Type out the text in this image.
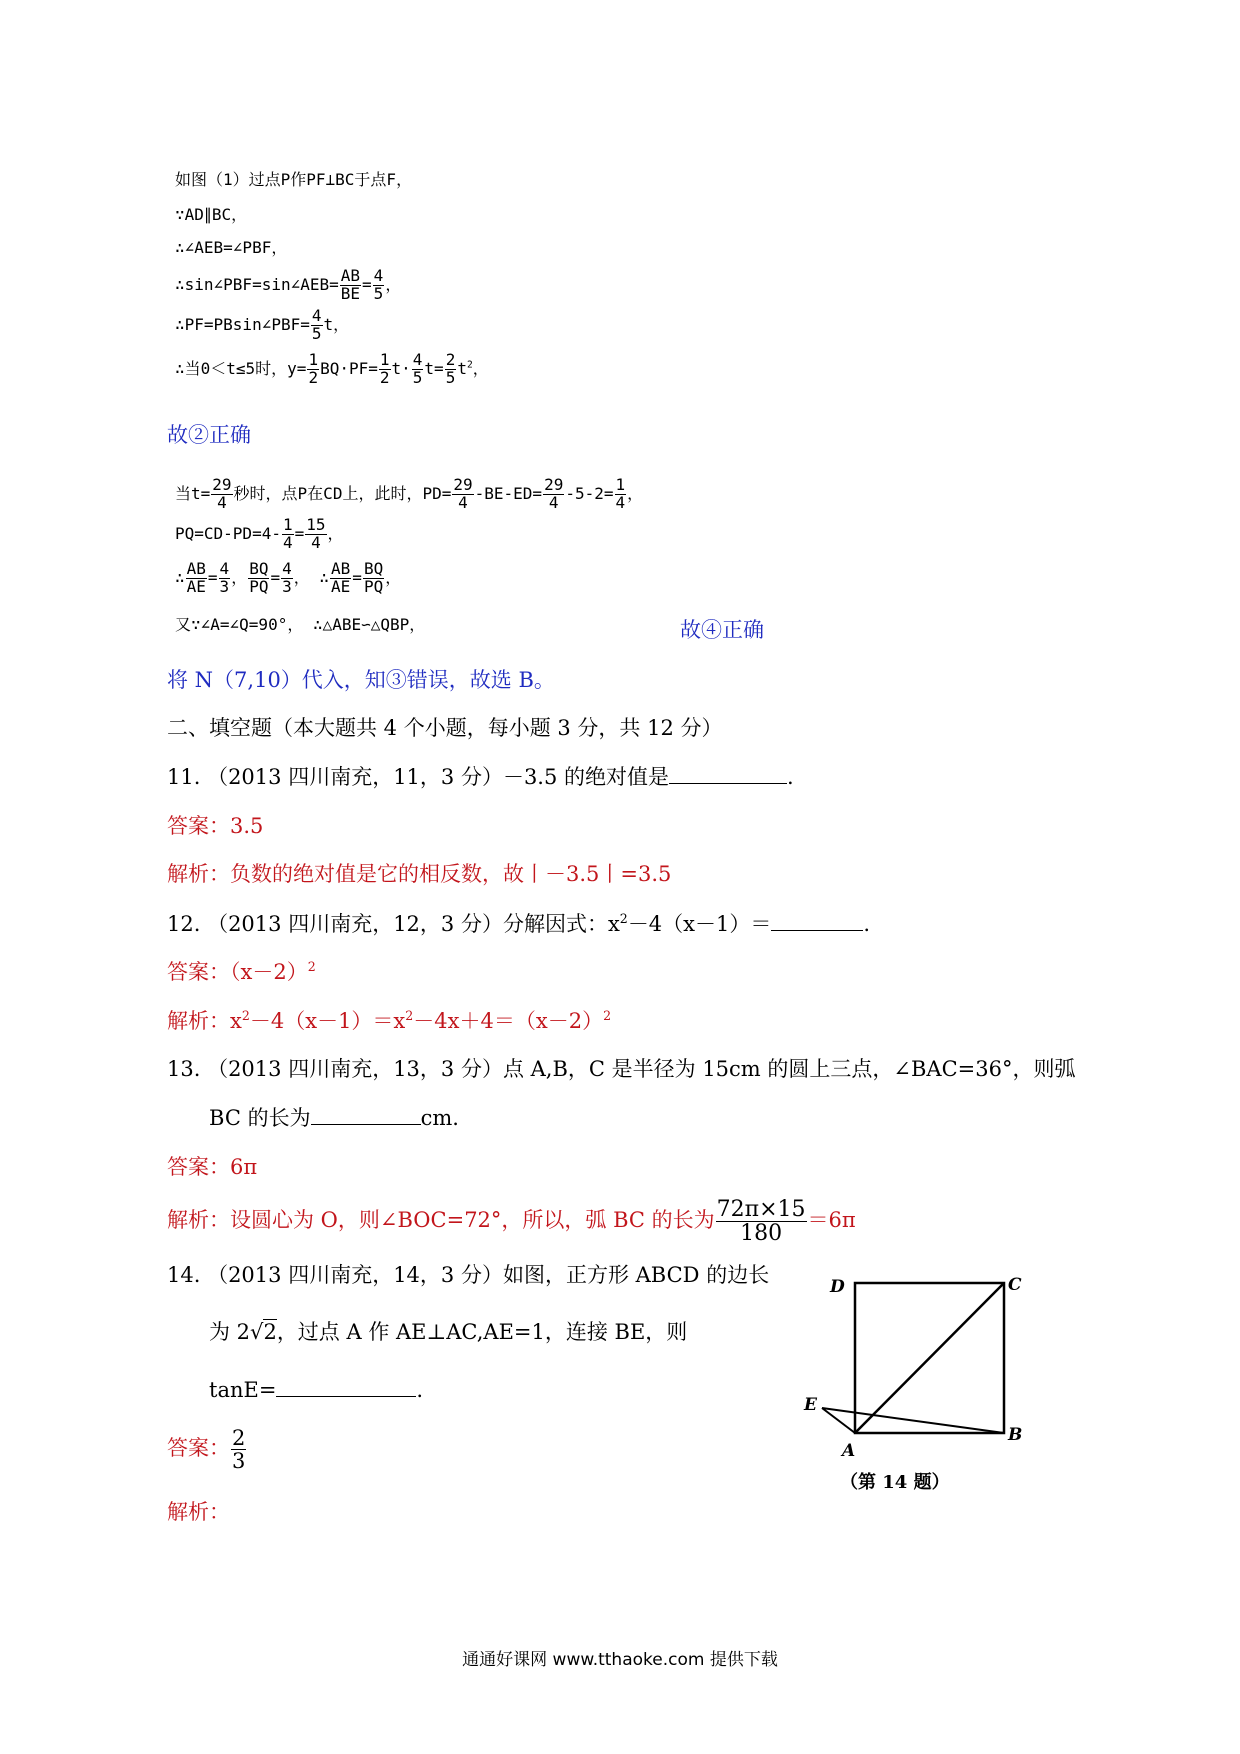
如图（1）过点P作PF⊥BC于点F，
∵AD∥BC，
∴∠AEB=∠PBF，
∴sin∠PBF=sin∠AEB= $\frac{AB}{BE} = \frac{4}{5}$ ，
∴PF=PBsin∠PBF= $\frac{4}{5}$ t，
∴当0＜t≤5时，$y= \frac{1}{2} BQ\cdot PF= \frac{1}{2} t\cdot \frac{4}{5} t= \frac{2}{5} t^2$，
故②正确
当$t= \frac{29}{4}$ 秒时，点P在CD上，此时，$PD= \frac{29}{4} -BE-ED= \frac{29}{4} -5-2= \frac{1}{4}$ ，
$PQ=CD-PD=4- \frac{1}{4} = \frac{15}{4}$ ，
∴ $\frac{AB}{AE} = \frac{4}{3}$ ， $\frac{BQ}{PQ} = \frac{4}{3}$ ， ∴ $\frac{AB}{AE} = \frac{BQ}{PQ}$ ，
又∵∠A=∠Q=90°， ∴△ABE∽△QBP，	故④正确
将 N（7,10）代入，知③错误，故选 B。
二、填空题（本大题共 4 个小题，每小题 3 分，共 12 分）
11. （2013 四川南充，11，3 分）－3.5 的绝对值是	.
答案：3.5
解析：负数的绝对值是它的相反数，故丨－3.5丨=3.5
12. （2013 四川南充，12，3 分）分解因式：$x^2-4(x-1)=$	.
答案：$(x-2)^2$
解析：$x^2-4(x-1)=x^2-4x+4=(x-2)^2$
13. （2013 四川南充，13，3 分）点 A,B，C 是半径为 15cm 的圆上三点，∠BAC=36°，则弧
BC 的长为	cm.
答案：6π
解析：设圆心为 O，则∠BOC=72°，所以，弧 BC 的长为 $\frac{72\pi\times 15}{180} =6\pi$
14. （2013 四川南充，14，3 分）如图，正方形 ABCD 的边长
为 2√2，过点 A 作 AE⊥AC,AE=1，连接 BE，则
tanE=	.
答案： $\frac{2}{3}$
解析：
D	C
E
A
B
（第 14 题）
通通好课网 www.tthaoke.com 提供下载
